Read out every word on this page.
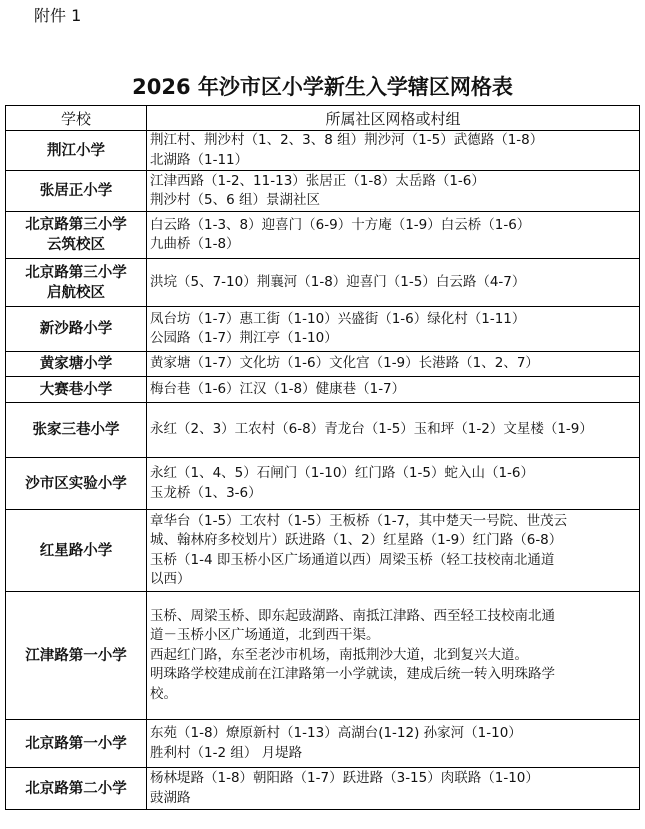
附件 1
2026 年沙市区小学新生入学辖区网格表
学校	所属社区网格或村组

荆江小学	荆江村、荆沙村（1、2、3、8 组）荆沙河（1-5）武德路（1-8）
北湖路（1-11）

张居正小学	江津西路（1-2、11-13）张居正（1-8）太岳路（1-6）
荆沙村（5、6 组）景湖社区

北京路第三小学
云筑校区	白云路（1-3、8）迎喜门（6-9）十方庵（1-9）白云桥（1-6）
九曲桥（1-8）

北京路第三小学
启航校区	洪垸（5、7-10）荆襄河（1-8）迎喜门（1-5）白云路（4-7）

新沙路小学	凤台坊（1-7）惠工街（1-10）兴盛街（1-6）绿化村（1-11）
公园路（1-7）荆江亭（1-10）

黄家塘小学	黄家塘（1-7）文化坊（1-6）文化宫（1-9）长港路（1、2、7）

大赛巷小学	梅台巷（1-6）江汉（1-8）健康巷（1-7）

张家三巷小学	永红（2、3）工农村（6-8）青龙台（1-5）玉和坪（1-2）文星楼（1-9）

沙市区实验小学	永红（1、4、5）石闸门（1-10）红门路（1-5）蛇入山（1-6）
玉龙桥（1、3-6）

红星路小学	章华台（1-5）工农村（1-5）王板桥（1-7，其中楚天一号院、世茂云
城、翰林府多校划片）跃进路（1、2）红星路（1-9）红门路（6-8）
玉桥（1-4 即玉桥小区广场通道以西）周梁玉桥（轻工技校南北通道
以西）

江津路第一小学	玉桥、周梁玉桥、即东起豉湖路、南抵江津路、西至轻工技校南北通
道－玉桥小区广场通道，北到西干渠。
西起红门路，东至老沙市机场，南抵荆沙大道，北到复兴大道。
明珠路学校建成前在江津路第一小学就读，建成后统一转入明珠路学
校。

北京路第一小学	东苑（1-8）燎原新村（1-13）高湖台(1-12) 孙家河（1-10）
胜利村（1-2 组） 月堤路

北京路第二小学	杨林堤路（1-8）朝阳路（1-7）跃进路（3-15）肉联路（1-10）
豉湖路
